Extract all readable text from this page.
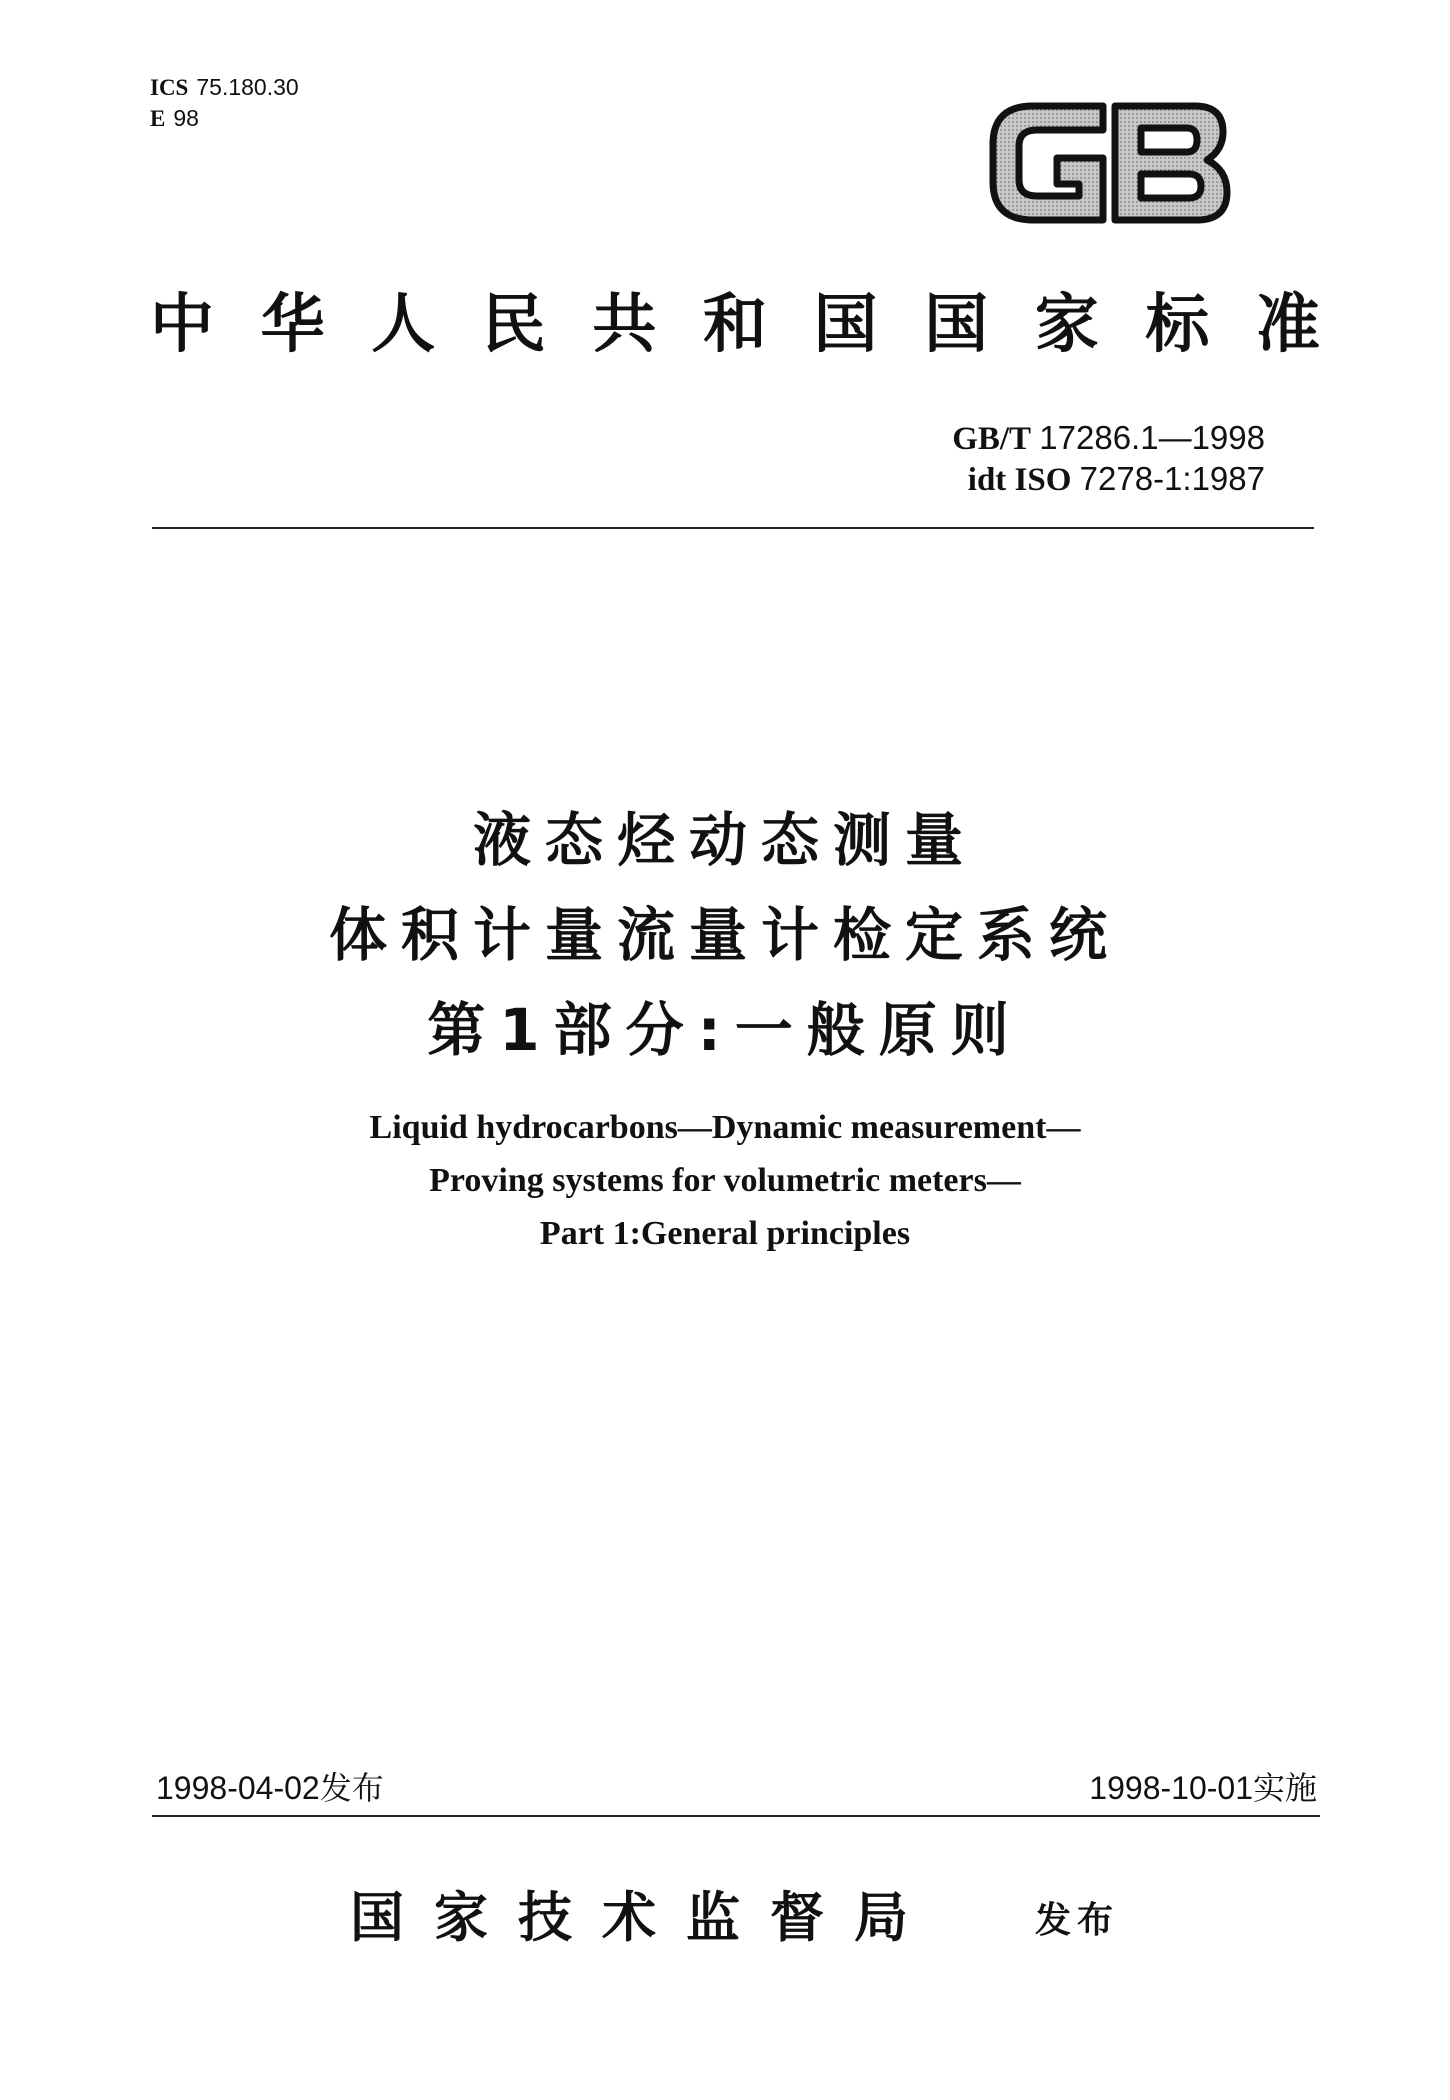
ICS 75.180.30
E 98
中华人民共和国国家标准
GB/T 17286.1—1998
idt ISO 7278-1:1987
液态烃动态测量
体积计量流量计检定系统
第1部分:一般原则
Liquid hydrocarbons—Dynamic measurement—
Proving systems for volumetric meters—
Part 1:General principles
1998-04-02发布	1998-10-01实施
国家技术监督局	发布
